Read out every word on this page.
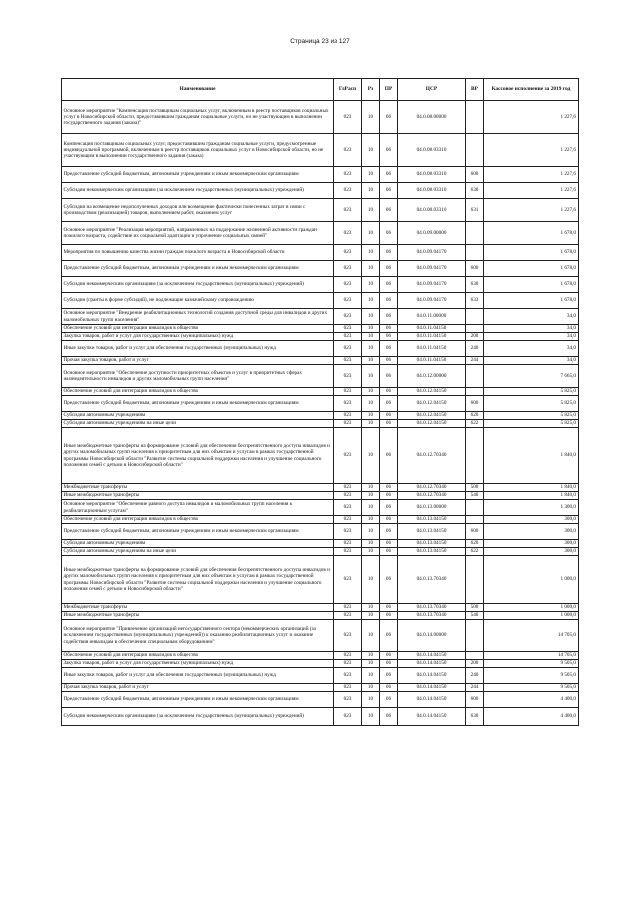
Страница 23 из 127
Наименование	ГлРасп	Рз	ПР	ЦСР	ВР	Кассовое исполнение за 2019 год
Основное мероприятие "Компенсация поставщикам социальных услуг, включенным в реестр поставщиков социальных услуг в Новосибирской области, предоставившим гражданам социальные услуги, но не участвующим в выполнении государственного задания (заказа)"	023	10	06	04.0.08.00000		1 227,6
Компенсация поставщикам социальных услуг, предоставившим гражданам социальные услуги, предусмотренные индивидуальной программой, включенным в реестр поставщиков социальных услуг в Новосибирской области, но не участвующим в выполнении государственного задания (заказа)	023	10	06	04.0.08.03310		1 227,6
Предоставление субсидий бюджетным, автономным учреждениям и иным некоммерческим организациям	023	10	06	04.0.08.03310	600	1 227,6
Субсидии некоммерческим организациям (за исключением государственных (муниципальных) учреждений)	023	10	06	04.0.08.03310	630	1 227,6
Субсидии на возмещение недополученных доходов или возмещение фактически понесенных затрат в связи с производством (реализацией) товаров, выполнением работ, оказанием услуг	023	10	06	04.0.08.03310	631	1 227,6
Основное мероприятие "Реализация мероприятий, направленных на поддержание жизненной активности граждан пожилого возраста, содействие их социальной адаптации и упрочнение социальных связей"	023	10	06	04.0.09.00000		1 678,0
Мероприятия по повышению качества жизни граждан пожилого возраста в Новосибирской области	023	10	06	04.0.09.04170		1 678,0
Предоставление субсидий бюджетным, автономным учреждениям и иным некоммерческим организациям	023	10	06	04.0.09.04170	600	1 678,0
Субсидии некоммерческим организациям (за исключением государственных (муниципальных) учреждений)	023	10	06	04.0.09.04170	630	1 678,0
Субсидии (гранты в форме субсидий), не подлежащие казначейскому сопровождению	023	10	06	04.0.09.04170	633	1 678,0
Основное мероприятие "Внедрение реабилитационных технологий создания доступной среды для инвалидов и других маломобильных групп населения"	023	10	06	04.0.11.00000		34,0
Обеспечение условий для интеграции инвалидов в общество	023	10	06	04.0.11.04150		34,0
Закупка товаров, работ и услуг для государственных (муниципальных) нужд	023	10	06	04.0.11.04150	200	34,0
Иные закупки товаров, работ и услуг для обеспечения государственных (муниципальных) нужд	023	10	06	04.0.11.04150	240	34,0
Прочая закупка товаров, работ и услуг	023	10	06	04.0.11.04150	244	34,0
Основное мероприятие "Обеспечение доступности приоритетных объектов и услуг в приоритетных сферах жизнедеятельности инвалидов и других маломобильных групп населения"	023	10	06	04.0.12.00000		7 665,0
Обеспечение условий для интеграции инвалидов в общество	023	10	06	04.0.12.04150		5 825,0
Предоставление субсидий бюджетным, автономным учреждениям и иным некоммерческим организациям	023	10	06	04.0.12.04150	600	5 825,0
Субсидии автономным учреждениям	023	10	06	04.0.12.04150	620	5 825,0
Субсидии автономным учреждениям на иные цели	023	10	06	04.0.12.04150	622	5 825,0
Иные межбюджетные трансферты на формирование условий для обеспечения беспрепятственного доступа инвалидов и других маломобильных групп населения к приоритетным для них объектам и услугам в рамках государственной программы Новосибирской области "Развитие системы социальной поддержки населения и улучшение социального положения семей с детьми в Новосибирской области"	023	10	06	04.0.12.70340		1 840,0
Межбюджетные трансферты	023	10	06	04.0.12.70340	500	1 840,0
Иные межбюджетные трансферты	023	10	06	04.0.12.70340	540	1 840,0
Основное мероприятие "Обеспечение равного доступа инвалидов и маломобильных групп населения к реабилитационным услугам"	023	10	06	04.0.13.00000		1 300,0
Обеспечение условий для интеграции инвалидов в общество	023	10	06	04.0.13.04150		300,0
Предоставление субсидий бюджетным, автономным учреждениям и иным некоммерческим организациям	023	10	06	04.0.13.04150	600	300,0
Субсидии автономным учреждениям	023	10	06	04.0.13.04150	620	300,0
Субсидии автономным учреждениям на иные цели	023	10	06	04.0.13.04150	622	300,0
Иные межбюджетные трансферты на формирование условий для обеспечения беспрепятственного доступа инвалидов и других маломобильных групп населения к приоритетным для них объектам и услугам в рамках государственной программы Новосибирской области "Развитие системы социальной поддержки населения и улучшение социального положения семей с детьми в Новосибирской области"	023	10	06	04.0.13.70340		1 000,0
Межбюджетные трансферты	023	10	06	04.0.13.70340	500	1 000,0
Иные межбюджетные трансферты	023	10	06	04.0.13.70340	540	1 000,0
Основное мероприятие "Привлечение организаций негосударственного сектора (некоммерческих организаций (за исключением государственных (муниципальных) учреждений)) к оказанию реабилитационных услуг и оказание содействия инвалидам в обеспечении специальным оборудованием"	023	10	06	04.0.14.00000		14 705,0
Обеспечение условий для интеграции инвалидов в общество	023	10	06	04.0.14.04150		14 705,0
Закупка товаров, работ и услуг для государственных (муниципальных) нужд	023	10	06	04.0.14.04150	200	9 505,0
Иные закупки товаров, работ и услуг для обеспечения государственных (муниципальных) нужд	023	10	06	04.0.14.04150	240	9 505,0
Прочая закупка товаров, работ и услуг	023	10	06	04.0.14.04150	244	9 505,0
Предоставление субсидий бюджетным, автономным учреждениям и иным некоммерческим организациям	023	10	06	04.0.14.04150	600	4 400,0
Субсидии некоммерческим организациям (за исключением государственных (муниципальных) учреждений)	023	10	06	04.0.14.04150	630	4 400,0
